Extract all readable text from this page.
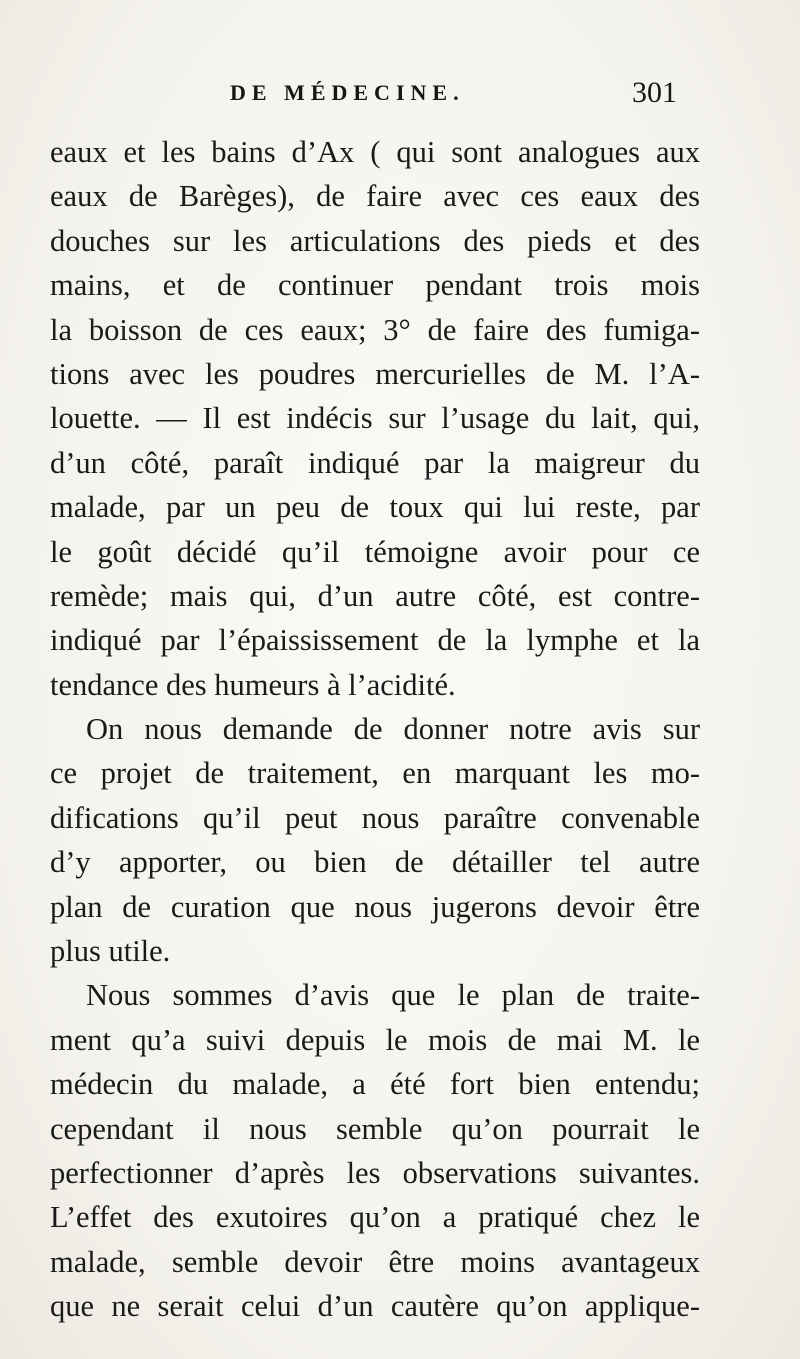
DE MÉDECINE.	301
eaux et les bains d’Ax ( qui sont analogues aux
eaux de Barèges), de faire avec ces eaux des
douches sur les articulations des pieds et des
mains, et de continuer pendant trois mois
la boisson de ces eaux; 3° de faire des fumiga-
tions avec les poudres mercurielles de M. l’A-
louette. — Il est indécis sur l’usage du lait, qui,
d’un côté, paraît indiqué par la maigreur du
malade, par un peu de toux qui lui reste, par
le goût décidé qu’il témoigne avoir pour ce
remède; mais qui, d’un autre côté, est contre-
indiqué par l’épaississement de la lymphe et la
tendance des humeurs à l’acidité.
On nous demande de donner notre avis sur
ce projet de traitement, en marquant les mo-
difications qu’il peut nous paraître convenable
d’y apporter, ou bien de détailler tel autre
plan de curation que nous jugerons devoir être
plus utile.
Nous sommes d’avis que le plan de traite-
ment qu’a suivi depuis le mois de mai M. le
médecin du malade, a été fort bien entendu;
cependant il nous semble qu’on pourrait le
perfectionner d’après les observations suivantes.
L’effet des exutoires qu’on a pratiqué chez le
malade, semble devoir être moins avantageux
que ne serait celui d’un cautère qu’on applique-
